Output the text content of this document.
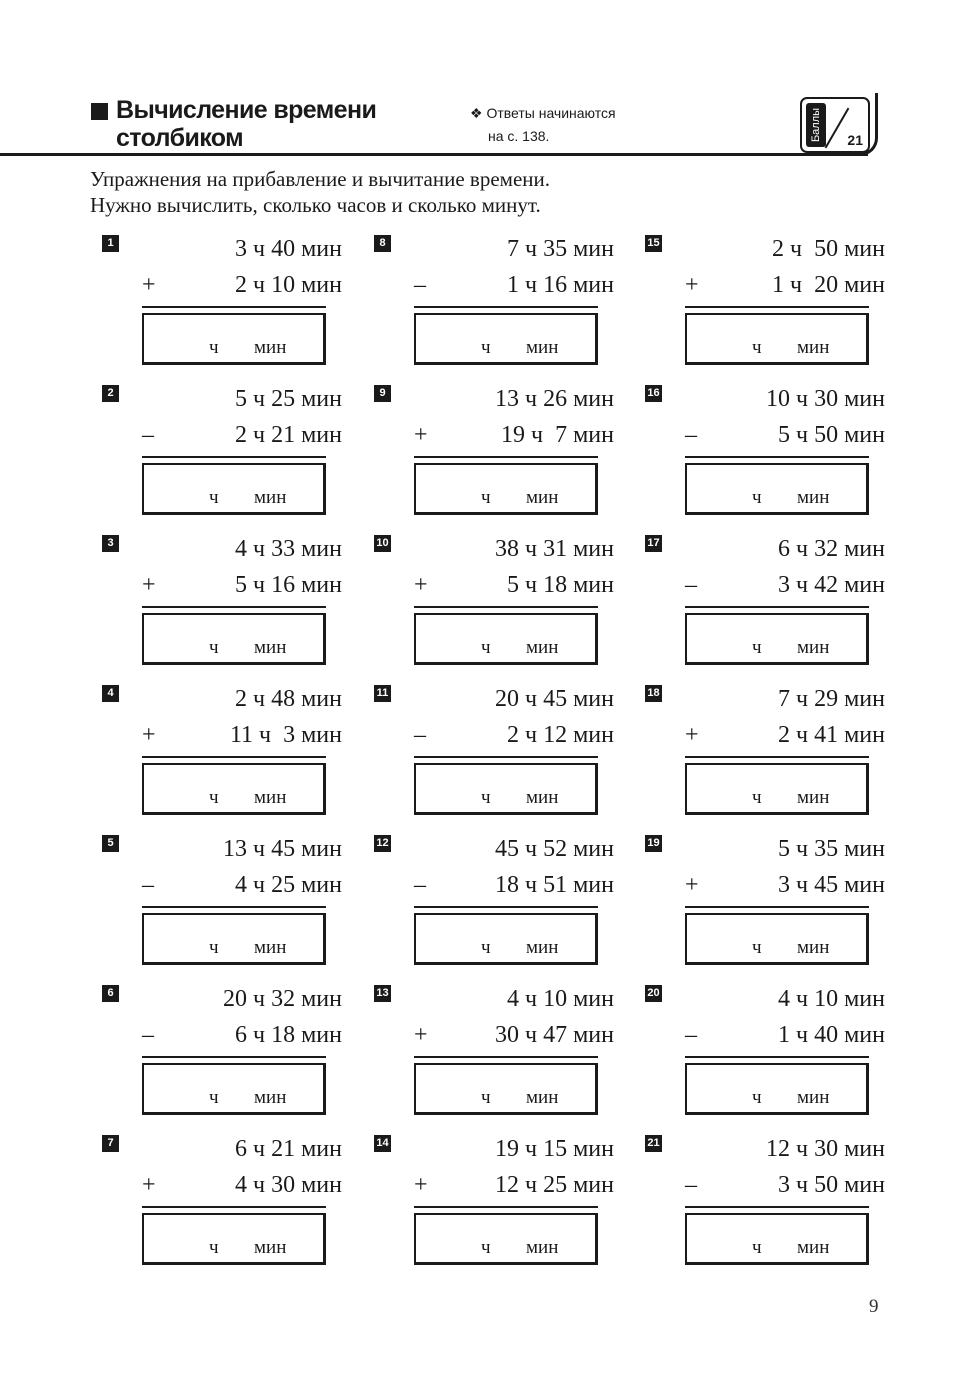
Вычисление времени
столбиком
❖ Ответы начинаются
на с. 138.	Баллы 21
Упражнения на прибавление и вычитание времени.
Нужно вычислить, сколько часов и сколько минут.
1	3 ч 40 мин
+	2 ч 10 мин
ч мин
2	5 ч 25 мин
–	2 ч 21 мин
ч мин
3	4 ч 33 мин
+	5 ч 16 мин
ч мин
4	2 ч 48 мин
+	11 ч  3 мин
ч мин
5	13 ч 45 мин
–	4 ч 25 мин
ч мин
6	20 ч 32 мин
–	6 ч 18 мин
ч мин
7	6 ч 21 мин
+	4 ч 30 мин
ч мин
8	7 ч 35 мин
–	1 ч 16 мин
ч мин
9	13 ч 26 мин
+	19 ч  7 мин
ч мин
10	38 ч 31 мин
+	5 ч 18 мин
ч мин
11	20 ч 45 мин
–	2 ч 12 мин
ч мин
12	45 ч 52 мин
–	18 ч 51 мин
ч мин
13	4 ч 10 мин
+	30 ч 47 мин
ч мин
14	19 ч 15 мин
+	12 ч 25 мин
ч мин
15	2 ч  50 мин
+	1 ч  20 мин
ч мин
16	10 ч 30 мин
–	5 ч 50 мин
ч мин
17	6 ч 32 мин
–	3 ч 42 мин
ч мин
18	7 ч 29 мин
+	2 ч 41 мин
ч мин
19	5 ч 35 мин
+	3 ч 45 мин
ч мин
20	4 ч 10 мин
–	1 ч 40 мин
ч мин
21	12 ч 30 мин
–	3 ч 50 мин
ч мин
9
